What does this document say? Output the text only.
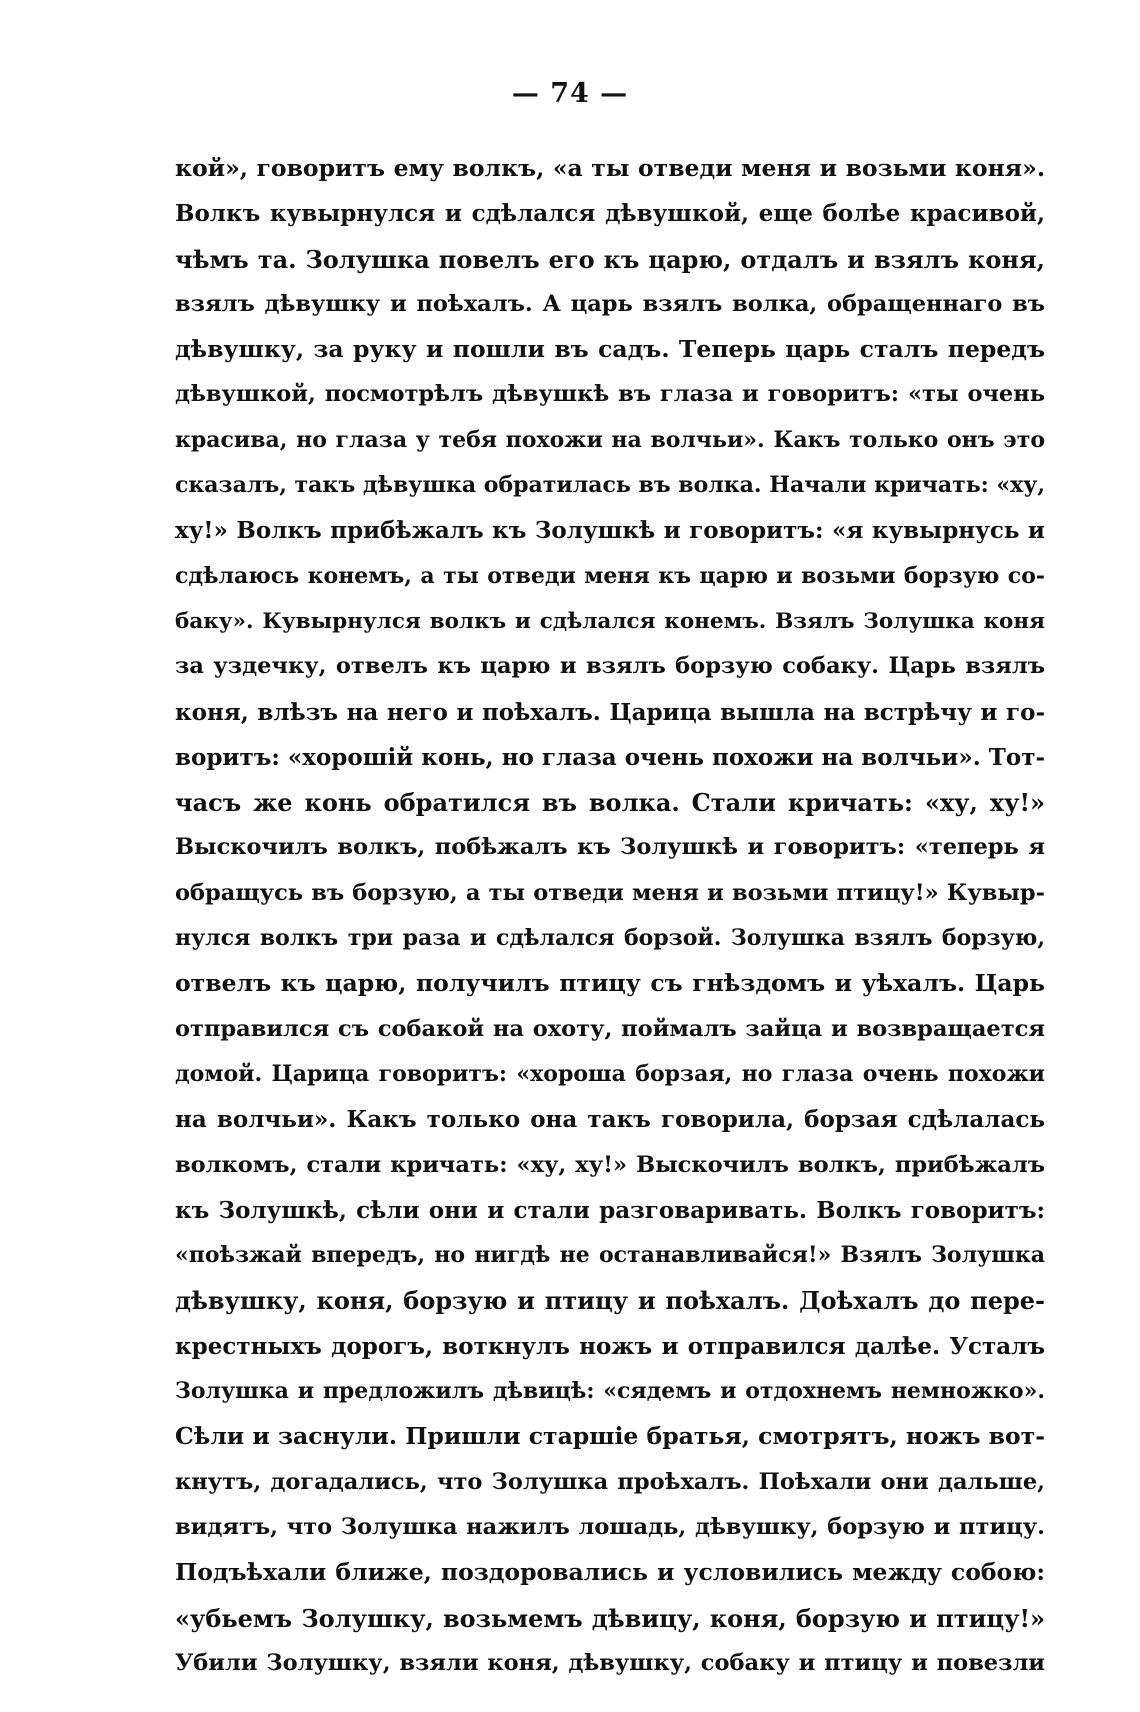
— 74 —
кой», говоритъ ему волкъ, «а ты отведи меня и возьми коня».
Волкъ кувырнулся и сдѣлался дѣвушкой, еще болѣе красивой,
чѣмъ та. Золушка повелъ его къ царю, отдалъ и взялъ коня,
взялъ дѣвушку и поѣхалъ. А царь взялъ волка, обращеннаго въ
дѣвушку, за руку и пошли въ садъ. Теперь царь сталъ передъ
дѣвушкой, посмотрѣлъ дѣвушкѣ въ глаза и говоритъ: «ты очень
красива, но глаза у тебя похожи на волчьи». Какъ только онъ это
сказалъ, такъ дѣвушка обратилась въ волка. Начали кричать: «ху,
ху!» Волкъ прибѣжалъ къ Золушкѣ и говоритъ: «я кувырнусь и
сдѣлаюсь конемъ, а ты отведи меня къ царю и возьми борзую со-
баку». Кувырнулся волкъ и сдѣлался конемъ. Взялъ Золушка коня
за уздечку, отвелъ къ царю и взялъ борзую собаку. Царь взялъ
коня, влѣзъ на него и поѣхалъ. Царица вышла на встрѣчу и го-
воритъ: «хорошій конь, но глаза очень похожи на волчьи». Тот-
часъ же конь обратился въ волка. Стали кричать: «ху, ху!»
Выскочилъ волкъ, побѣжалъ къ Золушкѣ и говоритъ: «теперь я
обращусь въ борзую, а ты отведи меня и возьми птицу!» Кувыр-
нулся волкъ три раза и сдѣлался борзой. Золушка взялъ борзую,
отвелъ къ царю, получилъ птицу съ гнѣздомъ и уѣхалъ. Царь
отправился съ собакой на охоту, поймалъ зайца и возвращается
домой. Царица говоритъ: «хороша борзая, но глаза очень похожи
на волчьи». Какъ только она такъ говорила, борзая сдѣлалась
волкомъ, стали кричать: «ху, ху!» Выскочилъ волкъ, прибѣжалъ
къ Золушкѣ, сѣли они и стали разговаривать. Волкъ говоритъ:
«поѣзжай впередъ, но нигдѣ не останавливайся!» Взялъ Золушка
дѣвушку, коня, борзую и птицу и поѣхалъ. Доѣхалъ до пере-
крестныхъ дорогъ, воткнулъ ножъ и отправился далѣе. Усталъ
Золушка и предложилъ дѣвицѣ: «сядемъ и отдохнемъ немножко».
Сѣли и заснули. Пришли старшіе братья, смотрятъ, ножъ вот-
кнутъ, догадались, что Золушка проѣхалъ. Поѣхали они дальше,
видятъ, что Золушка нажилъ лошадь, дѣвушку, борзую и птицу.
Подъѣхали ближе, поздоровались и условились между собою:
«убьемъ Золушку, возьмемъ дѣвицу, коня, борзую и птицу!»
Убили Золушку, взяли коня, дѣвушку, собаку и птицу и повезли
